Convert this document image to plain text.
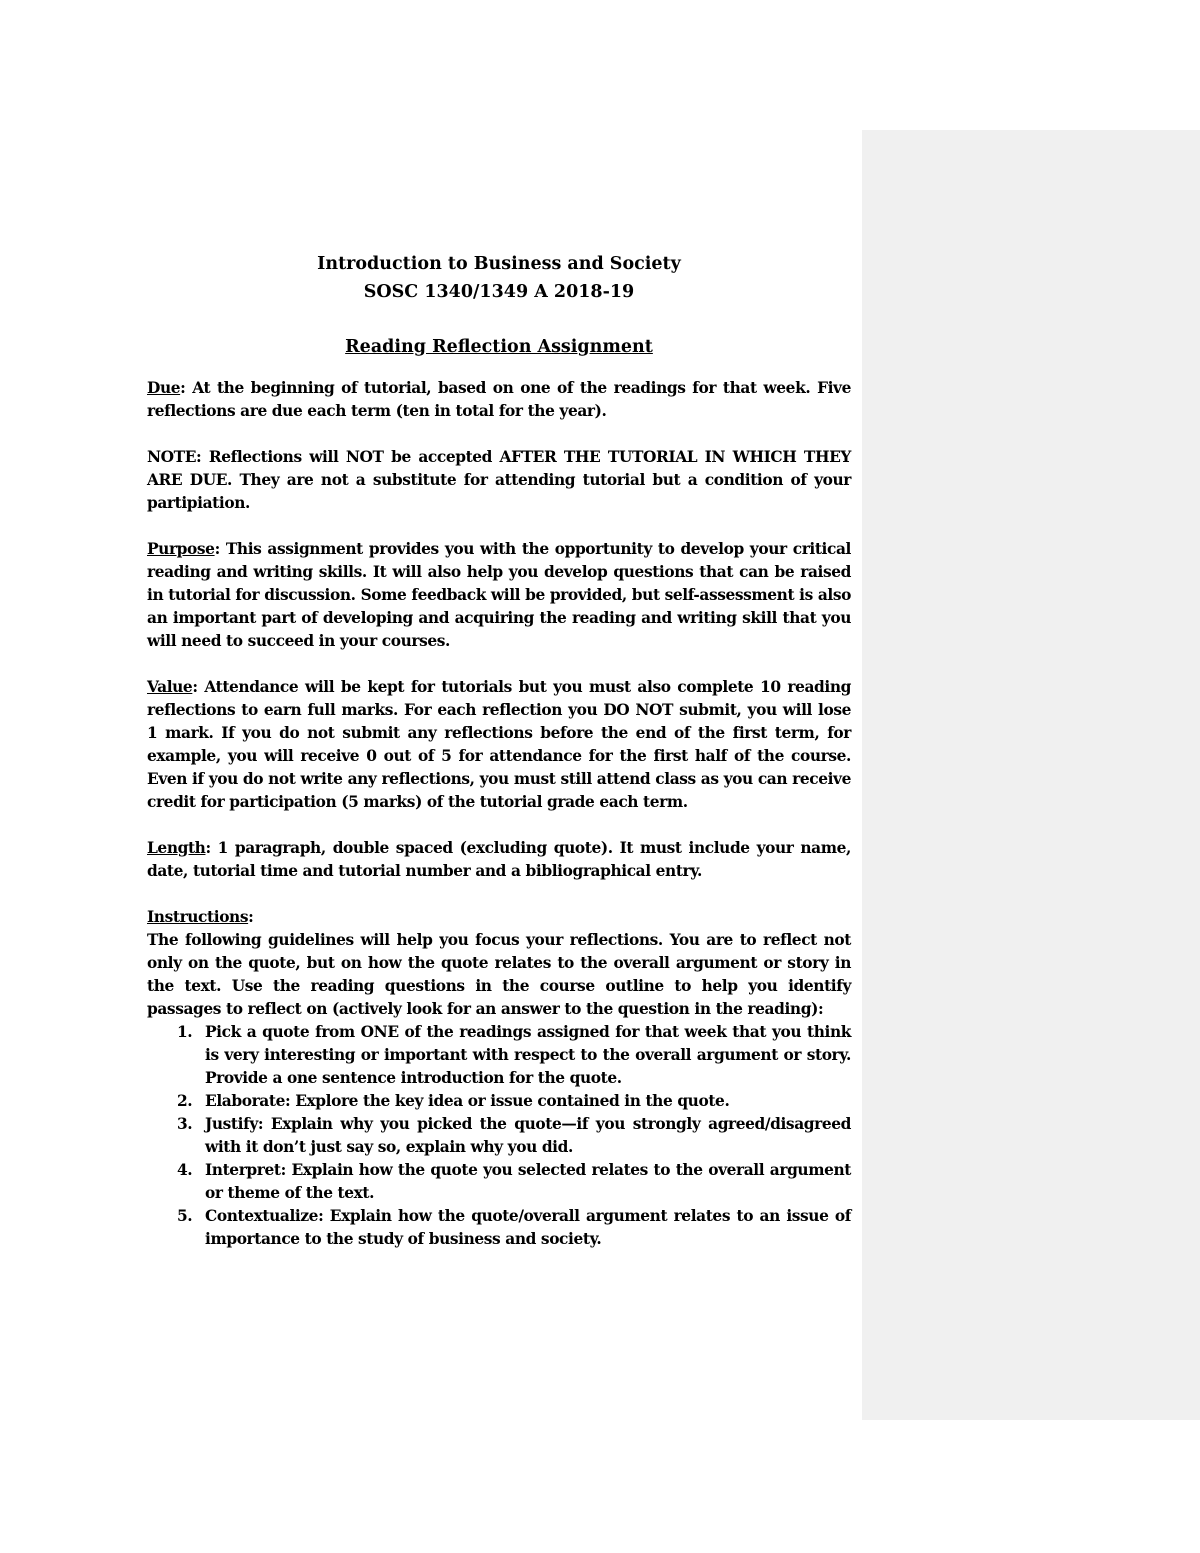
Introduction to Business and Society
SOSC 1340/1349 A 2018-19
Reading Reflection Assignment
Due: At the beginning of tutorial, based on one of the readings for that week. Five reflections are due each term (ten in total for the year).
NOTE: Reflections will NOT be accepted AFTER THE TUTORIAL IN WHICH THEY ARE DUE. They are not a substitute for attending tutorial but a condition of your partipiation.
Purpose: This assignment provides you with the opportunity to develop your critical reading and writing skills. It will also help you develop questions that can be raised in tutorial for discussion. Some feedback will be provided, but self-assessment is also an important part of developing and acquiring the reading and writing skill that you will need to succeed in your courses.
Value: Attendance will be kept for tutorials but you must also complete 10 reading reflections to earn full marks. For each reflection you DO NOT submit, you will lose 1 mark. If you do not submit any reflections before the end of the first term, for example, you will receive 0 out of 5 for attendance for the first half of the course. Even if you do not write any reflections, you must still attend class as you can receive credit for participation (5 marks) of the tutorial grade each term.
Length: 1 paragraph, double spaced (excluding quote). It must include your name, date, tutorial time and tutorial number and a bibliographical entry.
Instructions:
The following guidelines will help you focus your reflections. You are to reflect not only on the quote, but on how the quote relates to the overall argument or story in the text. Use the reading questions in the course outline to help you identify passages to reflect on (actively look for an answer to the question in the reading):
1. Pick a quote from ONE of the readings assigned for that week that you think is very interesting or important with respect to the overall argument or story. Provide a one sentence introduction for the quote.
2. Elaborate: Explore the key idea or issue contained in the quote.
3. Justify: Explain why you picked the quote—if you strongly agreed/disagreed with it don’t just say so, explain why you did.
4. Interpret: Explain how the quote you selected relates to the overall argument or theme of the text.
5. Contextualize: Explain how the quote/overall argument relates to an issue of importance to the study of business and society.
